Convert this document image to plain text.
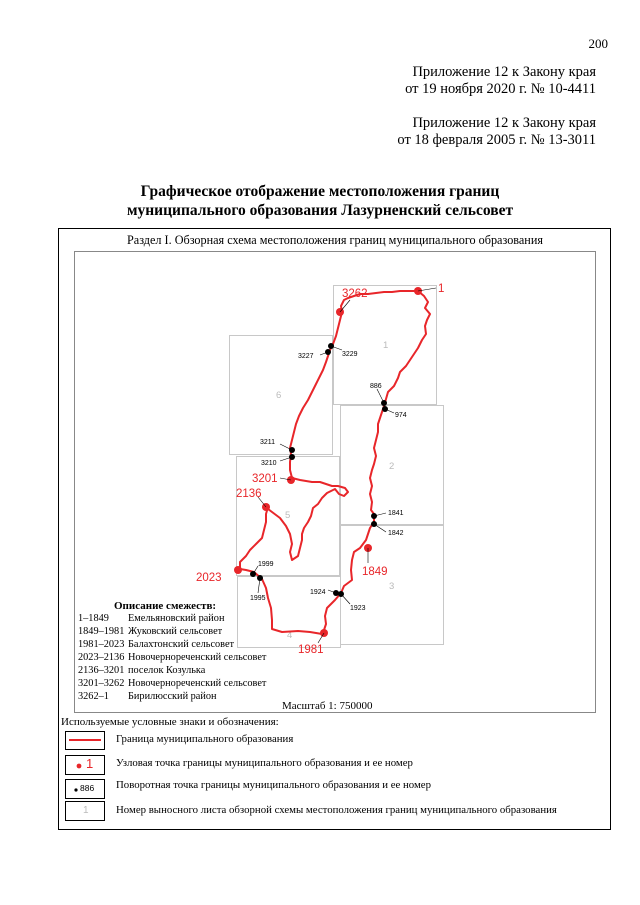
200
Приложение 12 к Закону края
от 19 ноября 2020 г. № 10-4411
Приложение 12 к Закону края
от 18 февраля 2005 г. № 13-3011
Графическое отображение местоположения границ
муниципального образования Лазурненский сельсовет
Раздел I. Обзорная схема местоположения границ муниципального образования
1
2
3
4
5
6
1
3262
3201
2136
2023	1849
1981
3227	3229
886
974
3211
3210
1841
1842
1999
1995
1924
1923
Описание смежеств:
1–1849 Емельяновский район
1849–1981 Жуковский сельсовет
1981–2023 Балахтонский сельсовет
2023–2136 Новочернореченский сельсовет
2136–3201 поселок Козулька
3201–3262 Новочернореченский сельсовет
3262–1 Бирилюсский район
Масштаб 1: 750000
Используемые условные знаки и обозначения:
Граница муниципального образования
1 Узловая точка границы муниципального образования и ее номер
886 Поворотная точка границы муниципального образования и ее номер
1	Номер выносного листа обзорной схемы местоположения границ муниципального образования
